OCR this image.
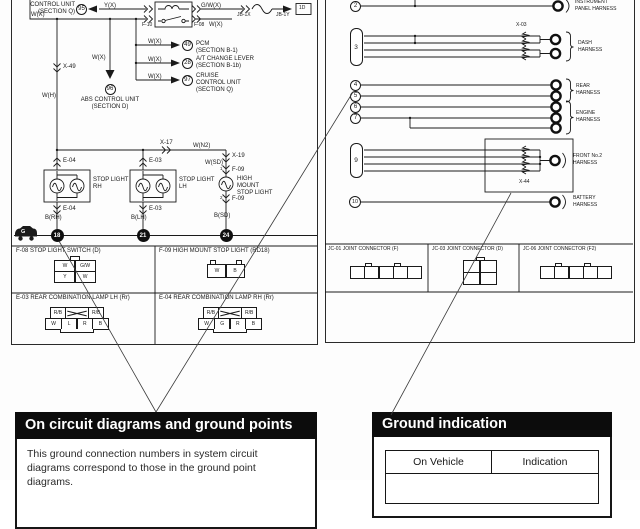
CONTROL UNIT
(SECTION Q) 95
Y(X)
F-10	F-08
G/W(X)
W(X)
JB-1X	JB-1Y
1D
W(X)
W(X)
W(X)
W(X)
49 PCM
(SECTION B-1)
28
A/T CHANGE LEVER
(SECTION B-1b)
97
CRUISE
CONTROL UNIT
(SECTION Q)
W(X)
96
ABS CONTROL UNIT
(SECTION D)
X-49
W(H)
E-04
E-04
B(RH)
STOP LIGHT
RH
E-03
E-03
B(LH)
STOP LIGHT
LH
X-17	W(N2)
X-19
W(SD)
F-09
1
HIGH
MOUNT
STOP LIGHT
F-09
2
B(SD)
18	21	24
G
F-08 STOP LIGHT SWITCH (D)	F-09 HIGH MOUNT STOP LIGHT (RD18)
E-03 REAR COMBINATION LAMP LH (Rr)	E-04 REAR COMBINATION LAMP RH (Rr)
W	G/W
Y	W
W	B
R/B	R/B
W	L	R	B
R/B	R/B
W	G	R	B
2
3
4
5
6
7
9
10
X-03
X-44
INSTRUMENT
PANEL HARNESS
DASH
HARNESS
REAR
HARNESS
ENGINE
HARNESS
FRONT No.2
HARNESS
BATTERY
HARNESS
JC-01 JOINT CONNECTOR (F)	JC-03 JOINT CONNECTOR (D)	JC-06 JOINT CONNECTOR (F2)
On circuit diagrams and ground points
This ground connection numbers in system circuit
diagrams correspond to those in the ground point
diagrams.
Ground indication
On Vehicle	Indication
